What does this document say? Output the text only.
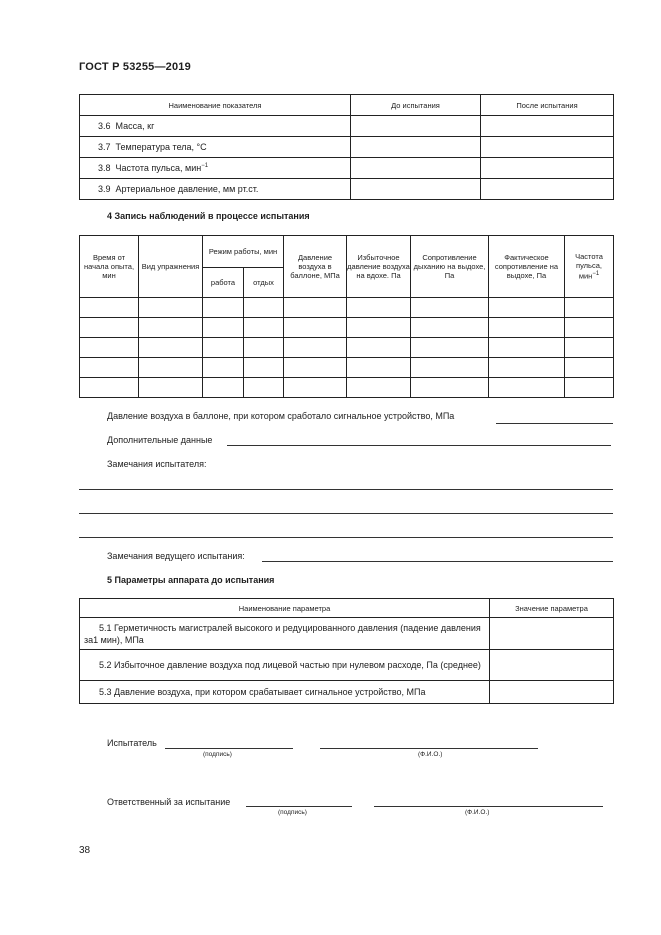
ГОСТ Р 53255—2019
Наименование показателя	До испытания	После испытания
3.6 Масса, кг		
3.7 Температура тела, °С		
3.8 Частота пульса, мин$^{-1}$		
3.9 Артериальное давление, мм рт.ст.		
4 Запись наблюдений в процессе испытания
Время от начала опыта, мин	Вид упражнения	Режим работы, мин		Давление воздуха в баллоне, МПа	Избыточное давление воздуха на вдохе. Па	Сопротивление дыханию на выдохе, Па	Фактическое сопротивление на выдохе, Па	Частота пульса, мин$^{-1}$
		работа	отдых					

Давление воздуха в баллоне, при котором сработало сигнальное устройство, МПа
Дополнительные данные
Замечания испытателя:
Замечания ведущего испытания:
5 Параметры аппарата до испытания
Наименование параметра	Значение параметра
5.1 Герметичность магистралей высокого и редуцированного давления (падение давления за1 мин), МПа	
5.2 Избыточное давление воздуха под лицевой частью при нулевом расходе, Па (среднее)	
5.3 Давление воздуха, при котором срабатывает сигнальное устройство, МПа	
Испытатель
(подпись)	(Ф.И.О.)
Ответственный за испытание
(подпись)	(Ф.И.О.)
38
